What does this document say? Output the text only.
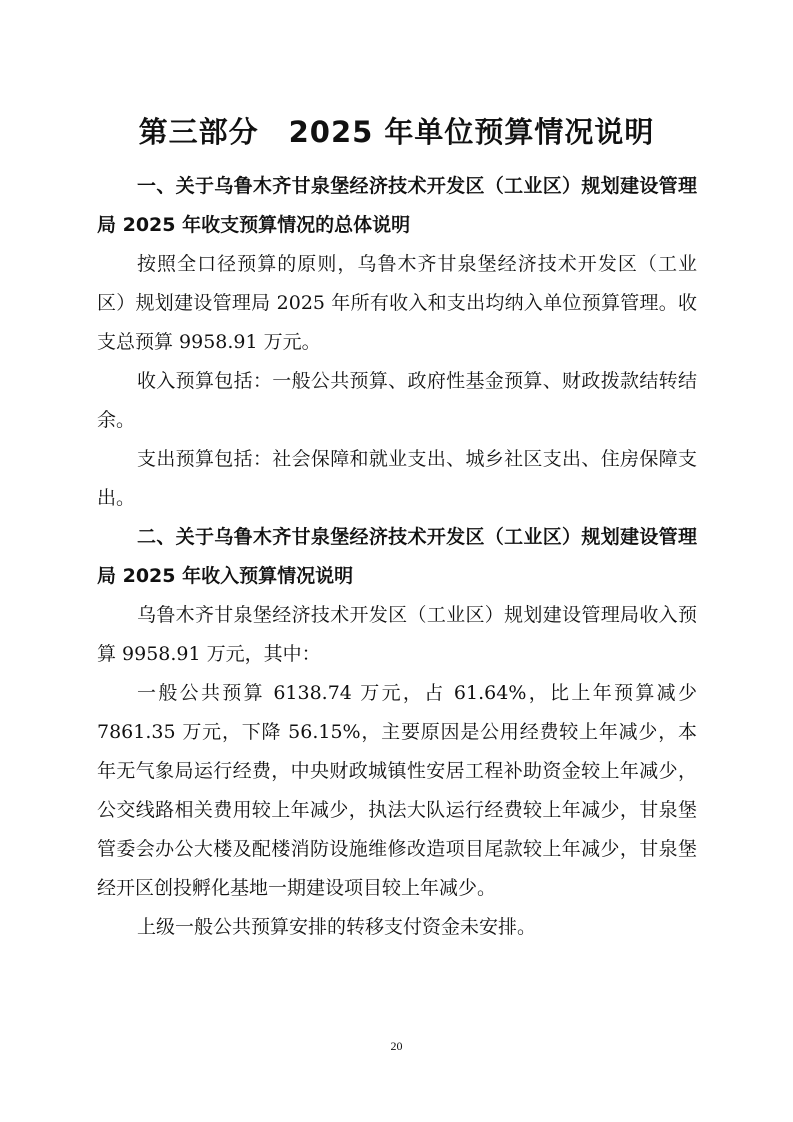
第三部分　2025 年单位预算情况说明

一、关于乌鲁木齐甘泉堡经济技术开发区（工业区）规划建设管理局 2025 年收支预算情况的总体说明

按照全口径预算的原则，乌鲁木齐甘泉堡经济技术开发区（工业区）规划建设管理局 2025 年所有收入和支出均纳入单位预算管理。收支总预算 9958.91 万元。

收入预算包括：一般公共预算、政府性基金预算、财政拨款结转结余。

支出预算包括：社会保障和就业支出、城乡社区支出、住房保障支出。

二、关于乌鲁木齐甘泉堡经济技术开发区（工业区）规划建设管理局 2025 年收入预算情况说明

乌鲁木齐甘泉堡经济技术开发区（工业区）规划建设管理局收入预算 9958.91 万元，其中：

一般公共预算 6138.74 万元，占 61.64%，比上年预算减少 7861.35 万元，下降 56.15%，主要原因是公用经费较上年减少，本年无气象局运行经费，中央财政城镇性安居工程补助资金较上年减少，公交线路相关费用较上年减少，执法大队运行经费较上年减少，甘泉堡管委会办公大楼及配楼消防设施维修改造项目尾款较上年减少，甘泉堡经开区创投孵化基地一期建设项目较上年减少。

上级一般公共预算安排的转移支付资金未安排。

20
